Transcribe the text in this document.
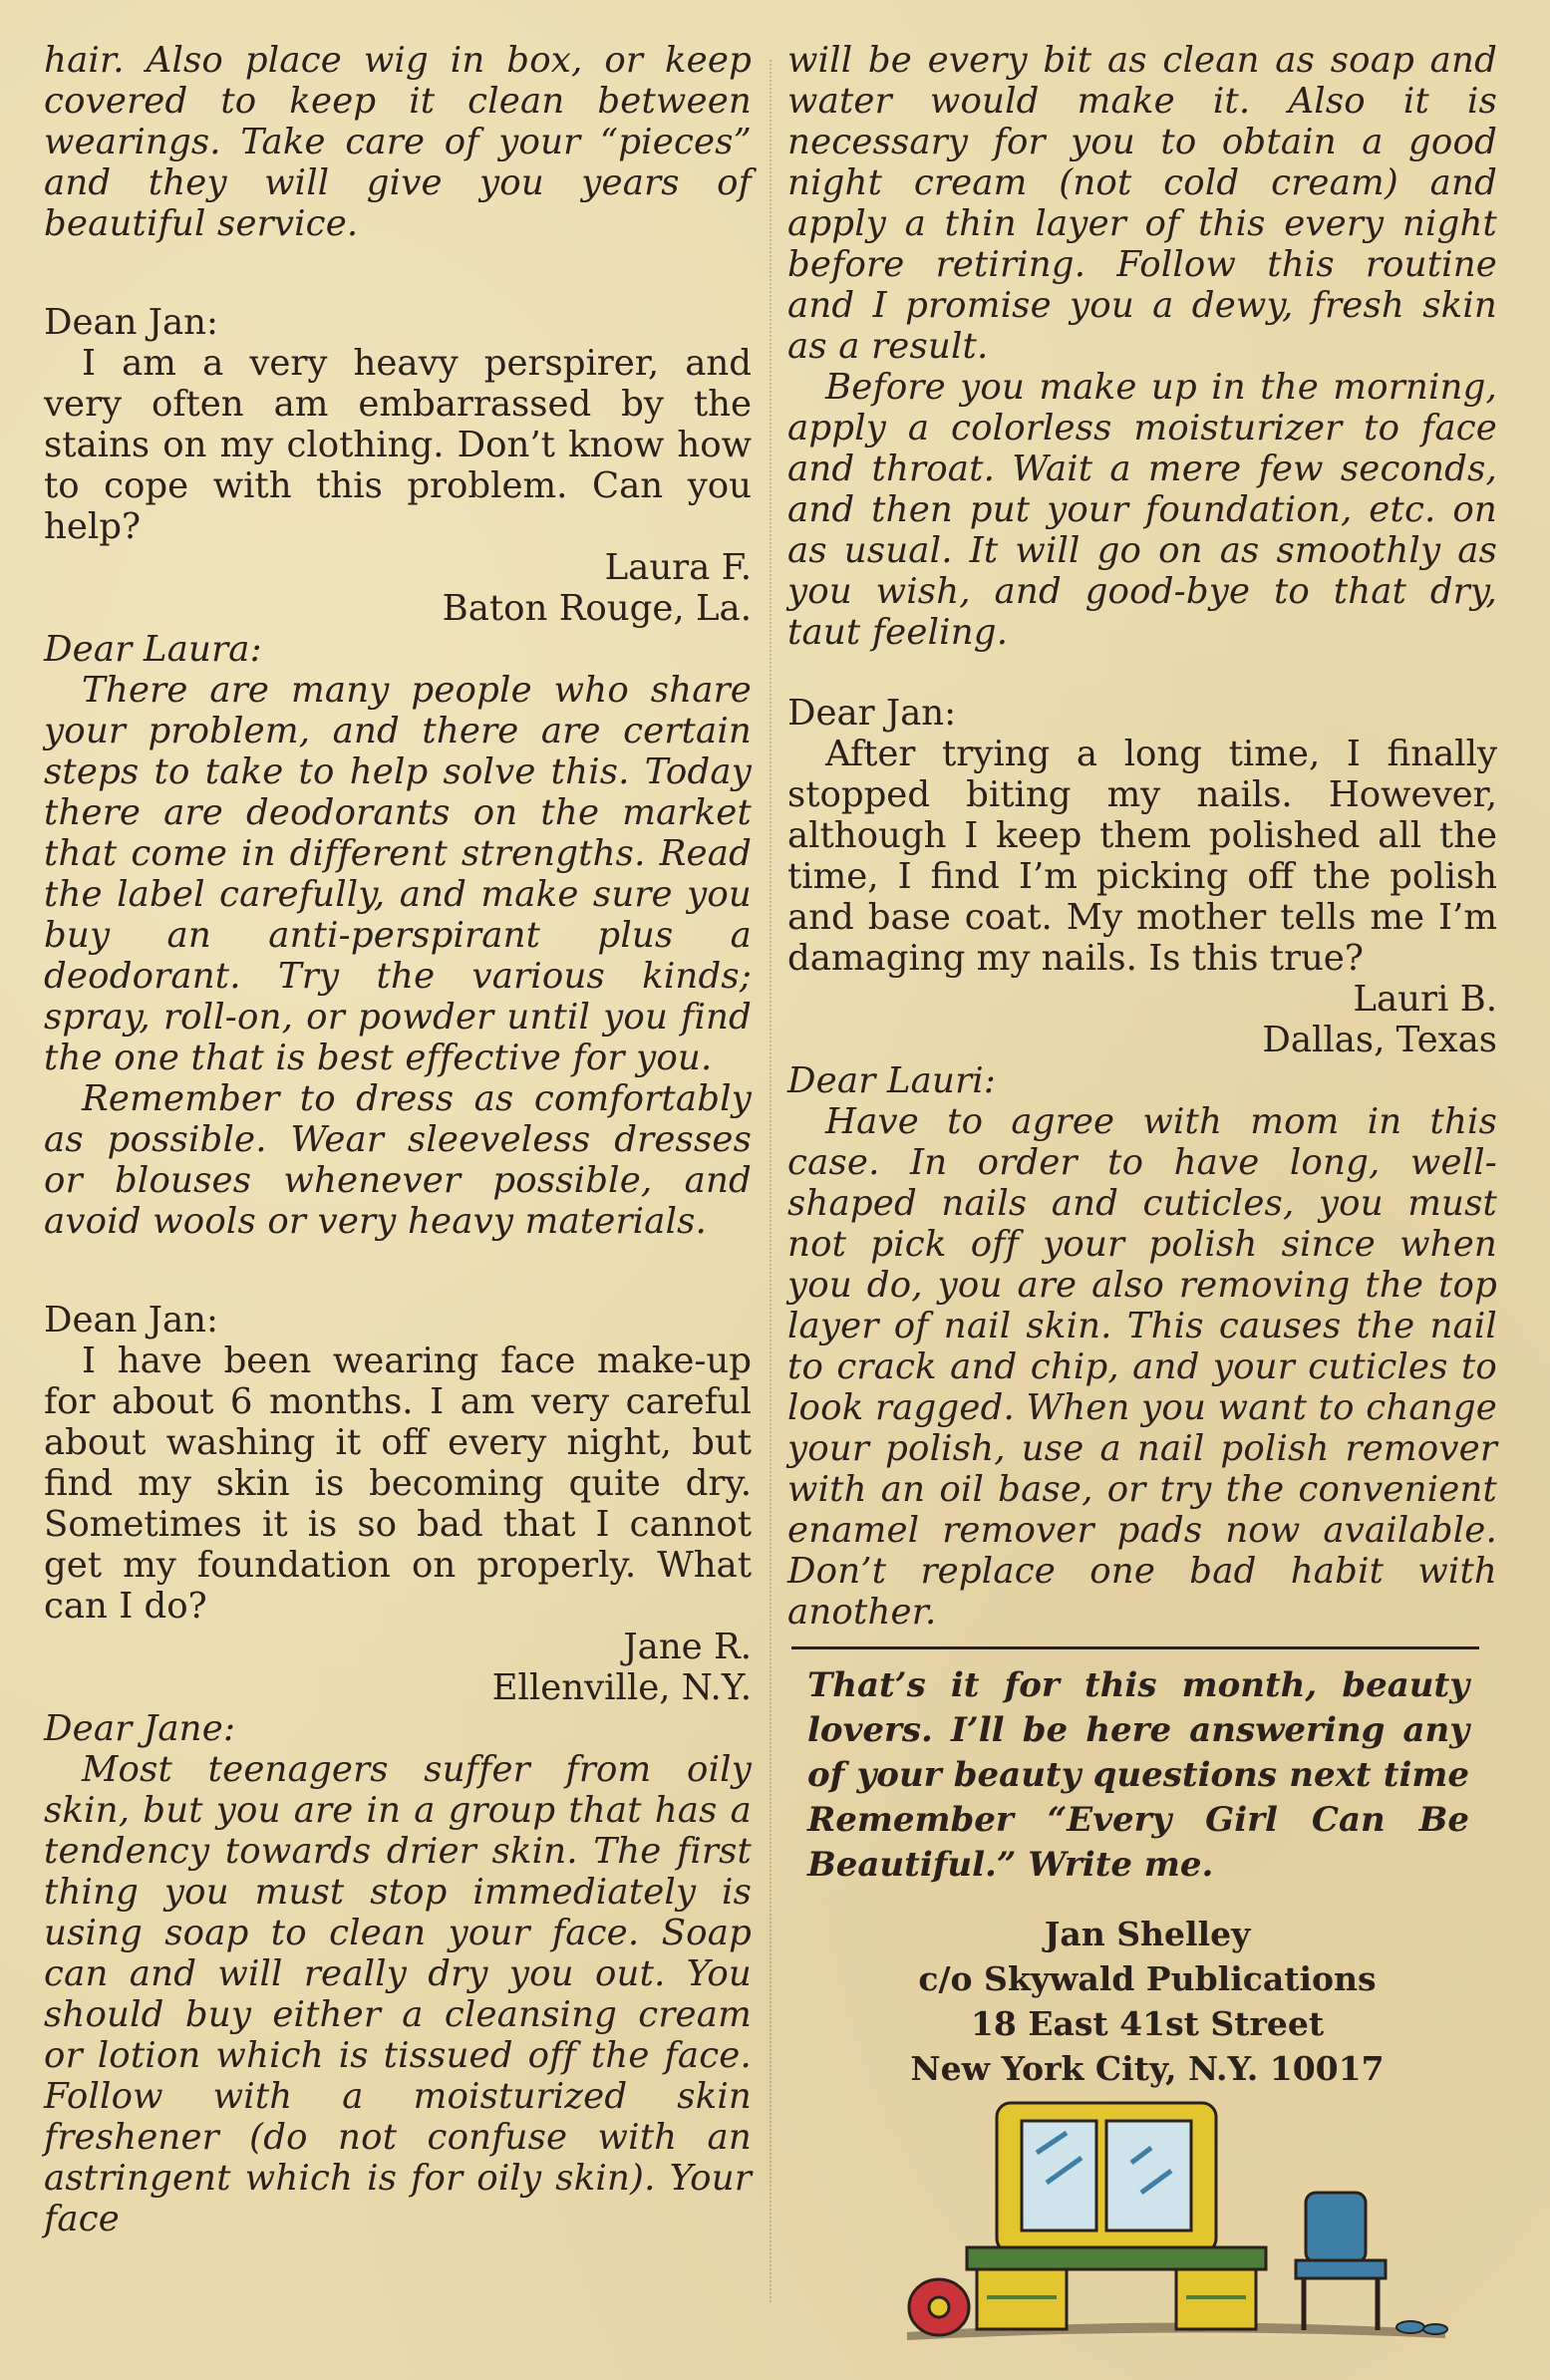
hair. Also place wig in box, or keep covered to keep it clean between wearings. Take care of your “pieces” and they will give you years of beautiful service.

Dean Jan:

I am a very heavy perspirer, and very often am embarrassed by the stains on my clothing. Don’t know how to cope with this problem. Can you help?

Laura F.

Baton Rouge, La.

Dear Laura:

There are many people who share your problem, and there are certain steps to take to help solve this. Today there are deodorants on the market that come in different strengths. Read the label carefully, and make sure you buy an anti-perspirant plus a deodorant. Try the various kinds; spray, roll-on, or powder until you find the one that is best effective for you.

Remember to dress as comfortably as possible. Wear sleeveless dresses or blouses whenever possible, and avoid wools or very heavy materials.

Dean Jan:

I have been wearing face make-up for about 6 months. I am very careful about washing it off every night, but find my skin is becoming quite dry. Sometimes it is so bad that I cannot get my foundation on properly. What can I do?

Jane R.

Ellenville, N.Y.

Dear Jane:

Most teenagers suffer from oily skin, but you are in a group that has a tendency towards drier skin. The first thing you must stop immediately is using soap to clean your face. Soap can and will really dry you out. You should buy either a cleansing cream or lotion which is tissued off the face. Follow with a moisturized skin freshener (do not confuse with an astringent which is for oily skin). Your face

will be every bit as clean as soap and water would make it. Also it is necessary for you to obtain a good night cream (not cold cream) and apply a thin layer of this every night before retiring. Follow this routine and I promise you a dewy, fresh skin as a result.

Before you make up in the morning, apply a colorless moisturizer to face and throat. Wait a mere few seconds, and then put your foundation, etc. on as usual. It will go on as smoothly as you wish, and good-bye to that dry, taut feeling.

Dear Jan:

After trying a long time, I finally stopped biting my nails. However, although I keep them polished all the time, I find I’m picking off the polish and base coat. My mother tells me I’m damaging my nails. Is this true?

Lauri B.

Dallas, Texas

Dear Lauri:

Have to agree with mom in this case. In order to have long, well-shaped nails and cuticles, you must not pick off your polish since when you do, you are also removing the top layer of nail skin. This causes the nail to crack and chip, and your cuticles to look ragged. When you want to change your polish, use a nail polish remover with an oil base, or try the convenient enamel remover pads now available. Don’t replace one bad habit with another.

That’s it for this month, beauty lovers. I’ll be here answering any of your beauty questions next time Remember “Every Girl Can Be Beautiful.” Write me.

Jan Shelley
c/o Skywald Publications
18 East 41st Street
New York City, N.Y. 10017
